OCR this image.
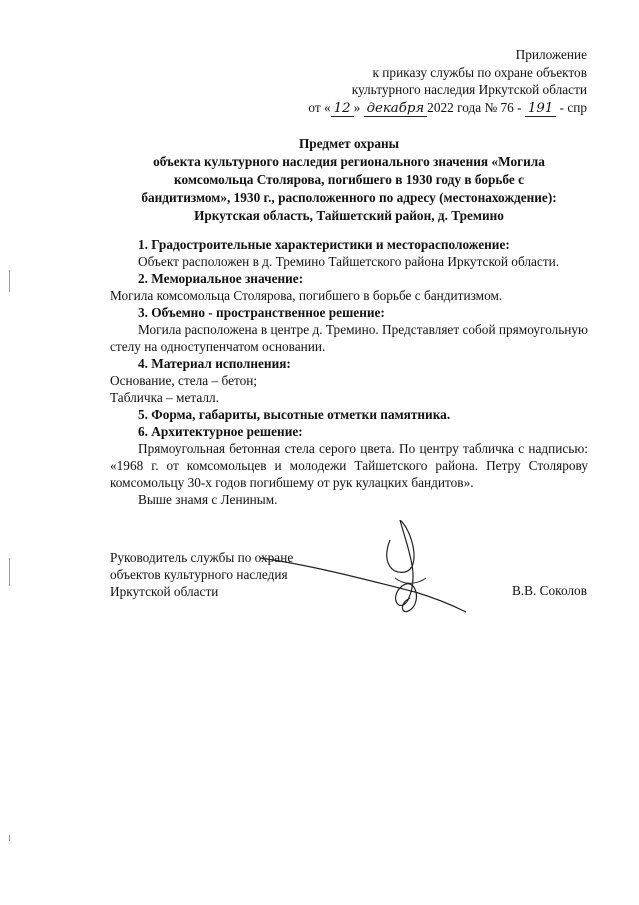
Приложение
к приказу службы по охране объектов
культурного наследия Иркутской области
от « 12 » декабря 2022 года № 76 - 191 - спр
Предмет охраны
объекта культурного наследия регионального значения «Могила
комсомольца Столярова, погибшего в 1930 году в борьбе с
бандитизмом», 1930 г., расположенного по адресу (местонахождение):
Иркутская область, Тайшетский район, д. Тремино

1. Градостроительные характеристики и месторасположение:

Объект расположен в д. Тремино Тайшетского района Иркутской области.

2. Мемориальное значение:

Могила комсомольца Столярова, погибшего в борьбе с бандитизмом.

3. Объемно - пространственное решение:

Могила расположена в центре д. Тремино. Представляет собой прямоугольную стелу на одноступенчатом основании.

4. Материал исполнения:

Основание, стела – бетон;

Табличка – металл.

5. Форма, габариты, высотные отметки памятника.

6. Архитектурное решение:

Прямоугольная бетонная стела серого цвета. По центру табличка с надписью: «1968 г. от комсомольцев и молодежи Тайшетского района. Петру Столярову комсомольцу 30-х годов погибшему от рук кулацких бандитов».

Выше знамя с Лениным.

Руководитель службы по охране
объектов культурного наследия
Иркутской области	В.В. Соколов
